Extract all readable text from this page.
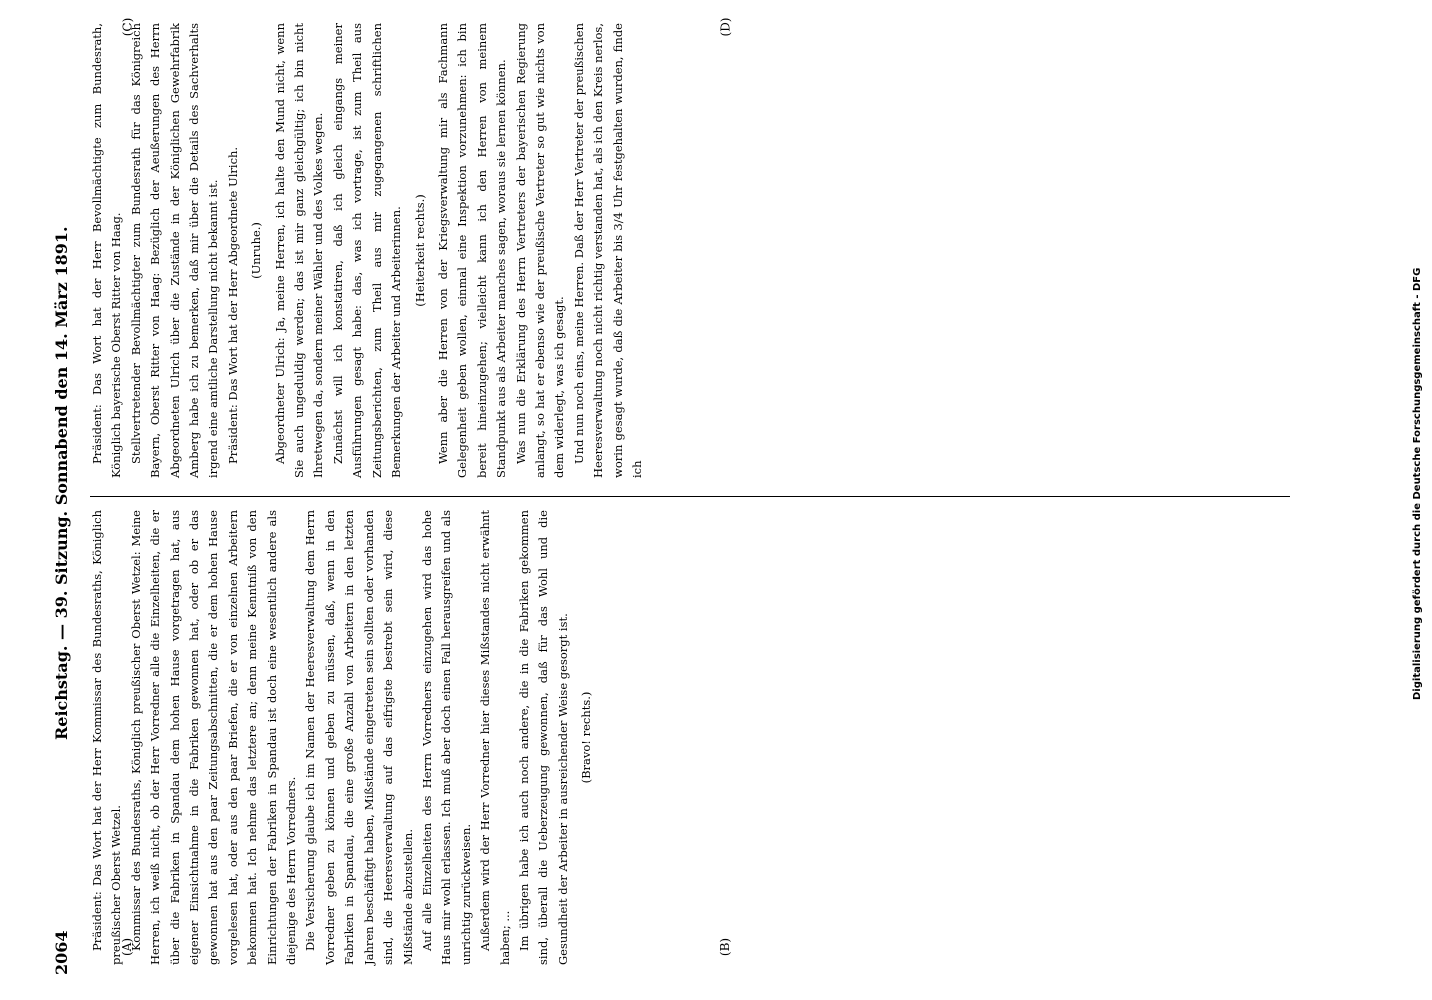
2064
Reichstag. — 39. Sitzung. Sonnabend den 14. März 1891.
(A)	(B)
(C)	(D)

Präsident: Das Wort hat der Herr Kommissar des Bundesraths, Königlich preußischer Oberst Wetzel. Kommissar des Bundesraths, Königlich preußischer Oberst Wetzel: Meine Herren, ich weiß nicht, ob der Herr Vorredner alle die Einzelheiten, die er über die Fabriken in Spandau dem hohen Hause vorgetragen hat, aus eigener Einsichtnahme in die Fabriken gewonnen hat, oder ob er das gewonnen hat aus den paar Zeitungsabschnitten, die er dem hohen Hause vorgelesen hat, oder aus den paar Briefen, die er von einzelnen Arbeitern bekommen hat. Ich nehme das letztere an; denn meine Kenntniß von den Einrichtungen der Fabriken in Spandau ist doch eine wesentlich andere als diejenige des Herrn Vorredners. Die Versicherung glaube ich im Namen der Heeresverwaltung dem Herrn Vorredner geben zu können und geben zu müssen, daß, wenn in den Fabriken in Spandau, die eine große Anzahl von Arbeitern in den letzten Jahren beschäftigt haben, Mißstände eingetreten sein sollten oder vorhanden sind, die Heeresverwaltung auf das eifrigste bestrebt sein wird, diese Mißstände abzustellen. Auf alle Einzelheiten des Herrn Vorredners einzugehen wird das hohe Haus mir wohl erlassen. Ich muß aber doch einen Fall herausgreifen und als unrichtig zurückweisen. Außerdem wird der Herr Vorredner hier dieses Mißstandes nicht erwähnt haben; ... Im übrigen habe ich auch noch andere, die in die Fabriken gekommen sind, überall die Ueberzeugung gewonnen, daß für das Wohl und die Gesundheit der Arbeiter in ausreichender Weise gesorgt ist. (Bravo! rechts.)

Präsident: Das Wort hat der Herr Bevollmächtigte zum Bundesrath, Königlich bayerische Oberst Ritter von Haag. Stellvertretender Bevollmächtigter zum Bundesrath für das Königreich Bayern, Oberst Ritter von Haag: Bezüglich der Aeußerungen des Herrn Abgeordneten Ulrich über die Zustände in der Königlichen Gewehrfabrik Amberg habe ich zu bemerken, daß mir über die Details des Sachverhalts irgend eine amtliche Darstellung nicht bekannt ist. Präsident: Das Wort hat der Herr Abgeordnete Ulrich. (Unruhe.) Abgeordneter Ulrich: Ja, meine Herren, ich halte den Mund nicht, wenn Sie auch ungeduldig werden; das ist mir ganz gleichgültig; ich bin nicht Ihretwegen da, sondern meiner Wähler und des Volkes wegen. Zunächst will ich konstatiren, daß ich gleich eingangs meiner Ausführungen gesagt habe: das, was ich vortrage, ist zum Theil aus Zeitungsberichten, zum Theil aus mir zugegangenen schriftlichen Bemerkungen der Arbeiter und Arbeiterinnen. (Heiterkeit rechts.) Wenn aber die Herren von der Kriegsverwaltung mir als Fachmann Gelegenheit geben wollen, einmal eine Inspektion vorzunehmen: ich bin bereit hineinzugehen; vielleicht kann ich den Herren von meinem Standpunkt aus als Arbeiter manches sagen, woraus sie lernen können. Was nun die Erklärung des Herrn Vertreters der bayerischen Regierung anlangt, so hat er ebenso wie der preußische Vertreter so gut wie nichts von dem widerlegt, was ich gesagt. Und nun noch eins, meine Herren. Daß der Herr Vertreter der preußischen Heeresverwaltung noch nicht richtig verstanden hat, als ich den Kreis nerlos, worin gesagt wurde, daß die Arbeiter bis 3/4 Uhr festgehalten wurden, finde ich	Digitalisierung gefördert durch die Deutsche Forschungsgemeinschaft - DFG
